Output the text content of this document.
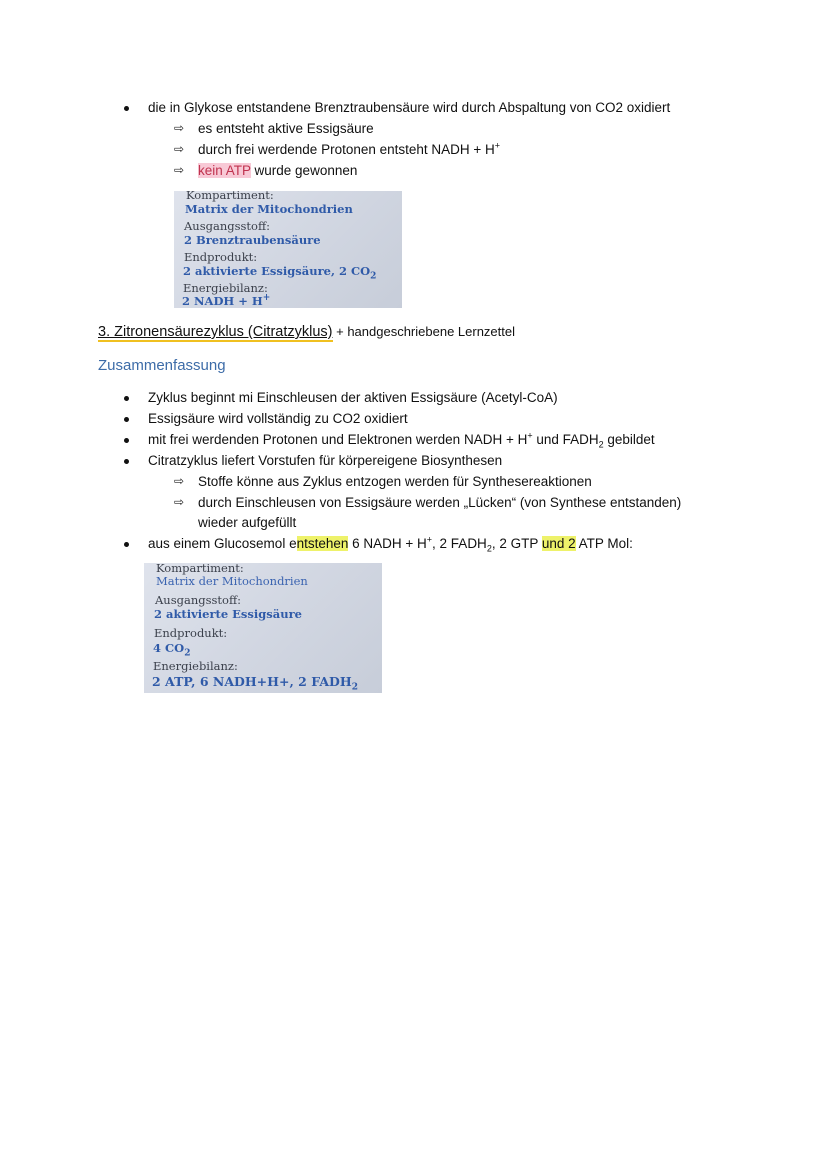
die in Glykose entstandene Brenztraubensäure wird durch Abspaltung von CO2 oxidiert
⇨ es entsteht aktive Essigsäure
⇨ durch frei werdende Protonen entsteht NADH + H+
⇨ kein ATP wurde gewonnen
Kompartiment:
Matrix der Mitochondrien
Ausgangsstoff:
2 Brenztraubensäure
Endprodukt:
2 aktivierte Essigsäure, 2 $CO_2$
Energiebilanz:
2 NADH + H+
3. Zitronensäurezyklus (Citratzyklus) + handgeschriebene Lernzettel
Zusammenfassung
Zyklus beginnt mi Einschleusen der aktiven Essigsäure (Acetyl-CoA)
Essigsäure wird vollständig zu CO2 oxidiert
mit frei werdenden Protonen und Elektronen werden NADH + H+ und $FADH_2$ gebildet
Citratzyklus liefert Vorstufen für körpereigene Biosynthesen
⇨ Stoffe könne aus Zyklus entzogen werden für Synthesereaktionen
⇨ durch Einschleusen von Essigsäure werden „Lücken“ (von Synthese entstanden)
wieder aufgefüllt
aus einem Glucosemol entstehen 6 NADH + H+, 2 $FADH_2$, 2 GTP und 2 ATP Mol:
Kompartiment:
Matrix der Mitochondrien
Ausgangsstoff:
2 aktivierte Essigsäure
Endprodukt:
4 $CO_2$
Energiebilanz:
2 ATP, 6 NADH+H+, 2 $FADH_2$
